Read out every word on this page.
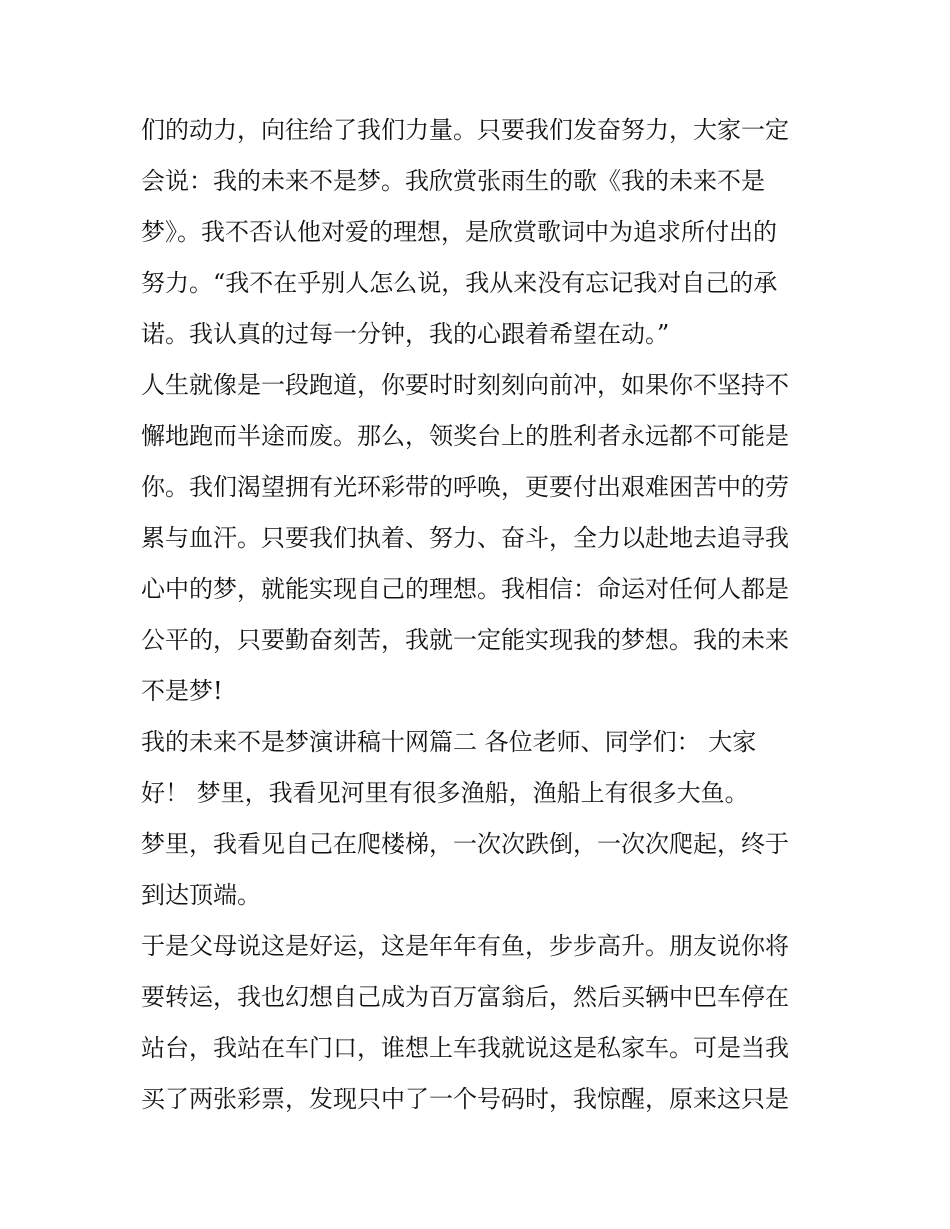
们的动力，向往给了我们力量。只要我们发奋努力，大家一定
会说：我的未来不是梦。我欣赏张雨生的歌《我的未来不是
梦》。我不否认他对爱的理想，是欣赏歌词中为追求所付出的
努力。“我不在乎别人怎么说，我从来没有忘记我对自己的承
诺。我认真的过每一分钟，我的心跟着希望在动。”
人生就像是一段跑道，你要时时刻刻向前冲，如果你不坚持不
懈地跑而半途而废。那么，领奖台上的胜利者永远都不可能是
你。我们渴望拥有光环彩带的呼唤，更要付出艰难困苦中的劳
累与血汗。只要我们执着、努力、奋斗，全力以赴地去追寻我
心中的梦，就能实现自己的理想。我相信：命运对任何人都是
公平的，只要勤奋刻苦，我就一定能实现我的梦想。我的未来
不是梦!
我的未来不是梦演讲稿十网篇二 各位老师、同学们： 大家
好！ 梦里，我看见河里有很多渔船，渔船上有很多大鱼。
梦里，我看见自己在爬楼梯，一次次跌倒，一次次爬起，终于
到达顶端。
于是父母说这是好运，这是年年有鱼，步步高升。朋友说你将
要转运，我也幻想自己成为百万富翁后，然后买辆中巴车停在
站台，我站在车门口，谁想上车我就说这是私家车。可是当我
买了两张彩票，发现只中了一个号码时，我惊醒，原来这只是
